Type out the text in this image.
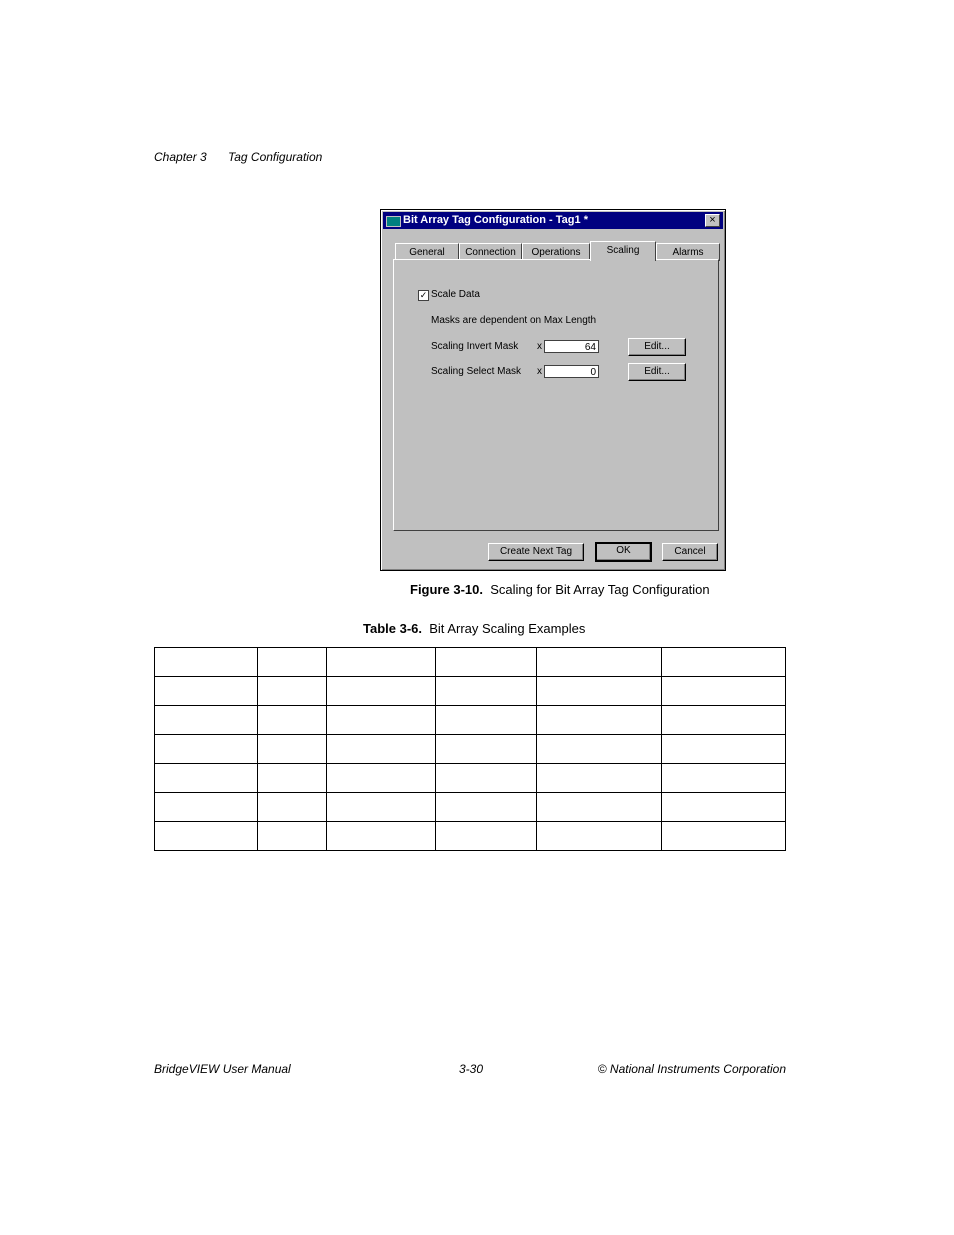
Chapter 3 Tag Configuration
Bit Array Tag Configuration - Tag1 *	×
General	Connection	Operations	Scaling	Alarms
✓ Scale Data
Masks are dependent on Max Length
Scaling Invert Mask x	64	Edit...
Scaling Select Mask x	0	Edit...
Create Next Tag	OK	Cancel
Figure 3-10. Scaling for Bit Array Tag Configuration
Table 3-6. Bit Array Scaling Examples

BridgeVIEW User Manual	3-30	© National Instruments Corporation
